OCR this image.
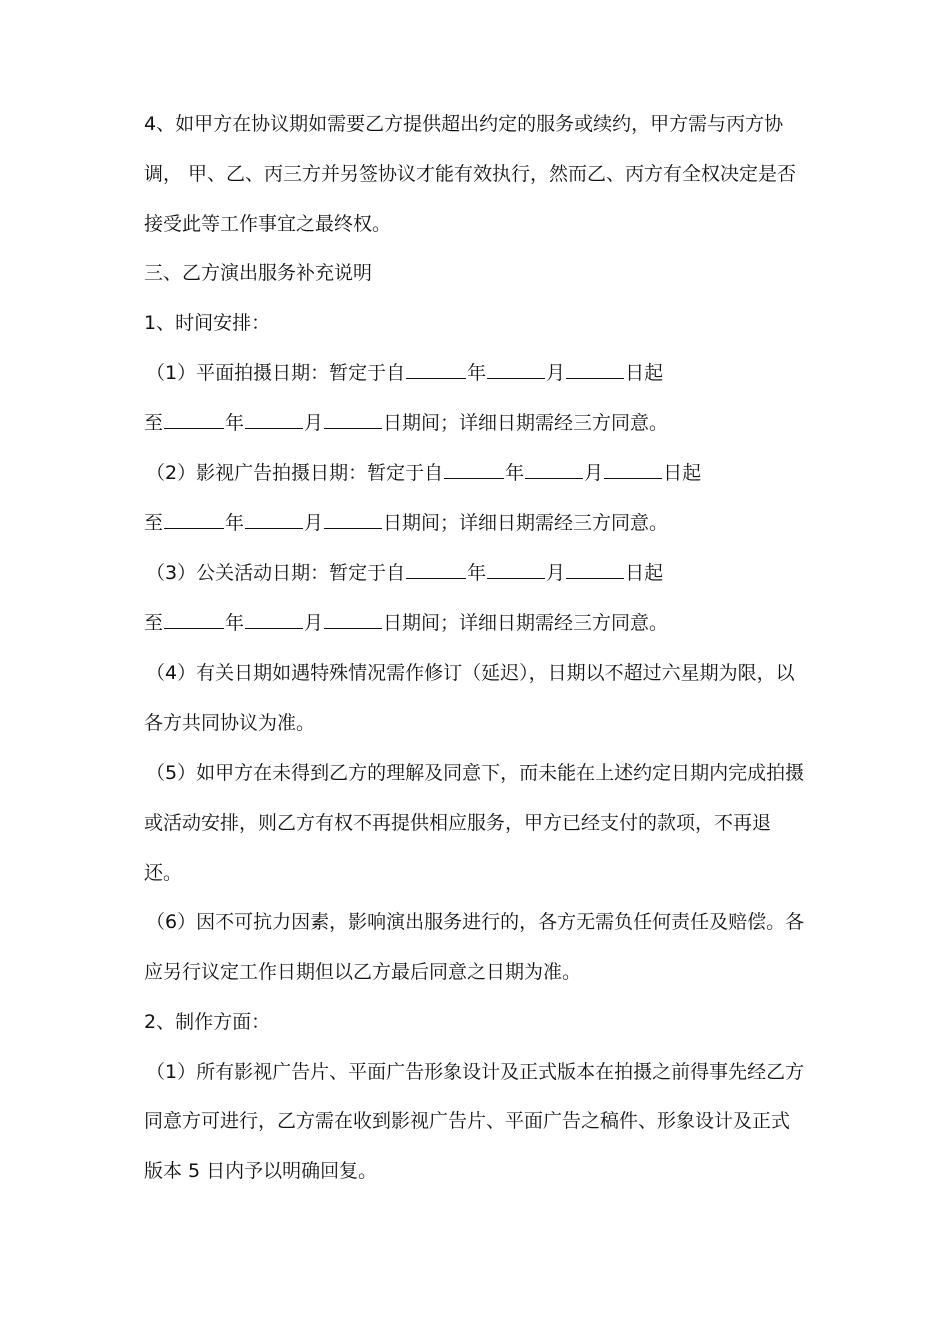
4、如甲方在协议期如需要乙方提供超出约定的服务或续约，甲方需与丙方协
调， 甲、乙、丙三方并另签协议才能有效执行，然而乙、丙方有全权决定是否
接受此等工作事宜之最终权。
三、乙方演出服务补充说明
1、时间安排：
（1）平面拍摄日期：暂定于自	年	月	日起
至	年	月	日期间；详细日期需经三方同意。
（2）影视广告拍摄日期：暂定于自	年	月	日起
至	年	月	日期间；详细日期需经三方同意。
（3）公关活动日期：暂定于自	年	月	日起
至	年	月	日期间；详细日期需经三方同意。
（4）有关日期如遇特殊情况需作修订（延迟），日期以不超过六星期为限，以
各方共同协议为准。
（5）如甲方在未得到乙方的理解及同意下，而未能在上述约定日期内完成拍摄
或活动安排，则乙方有权不再提供相应服务，甲方已经支付的款项，不再退
还。
（6）因不可抗力因素，影响演出服务进行的，各方无需负任何责任及赔偿。各
应另行议定工作日期但以乙方最后同意之日期为准。
2、制作方面：
（1）所有影视广告片、平面广告形象设计及正式版本在拍摄之前得事先经乙方
同意方可进行，乙方需在收到影视广告片、平面广告之稿件、形象设计及正式
版本 5 日内予以明确回复。
